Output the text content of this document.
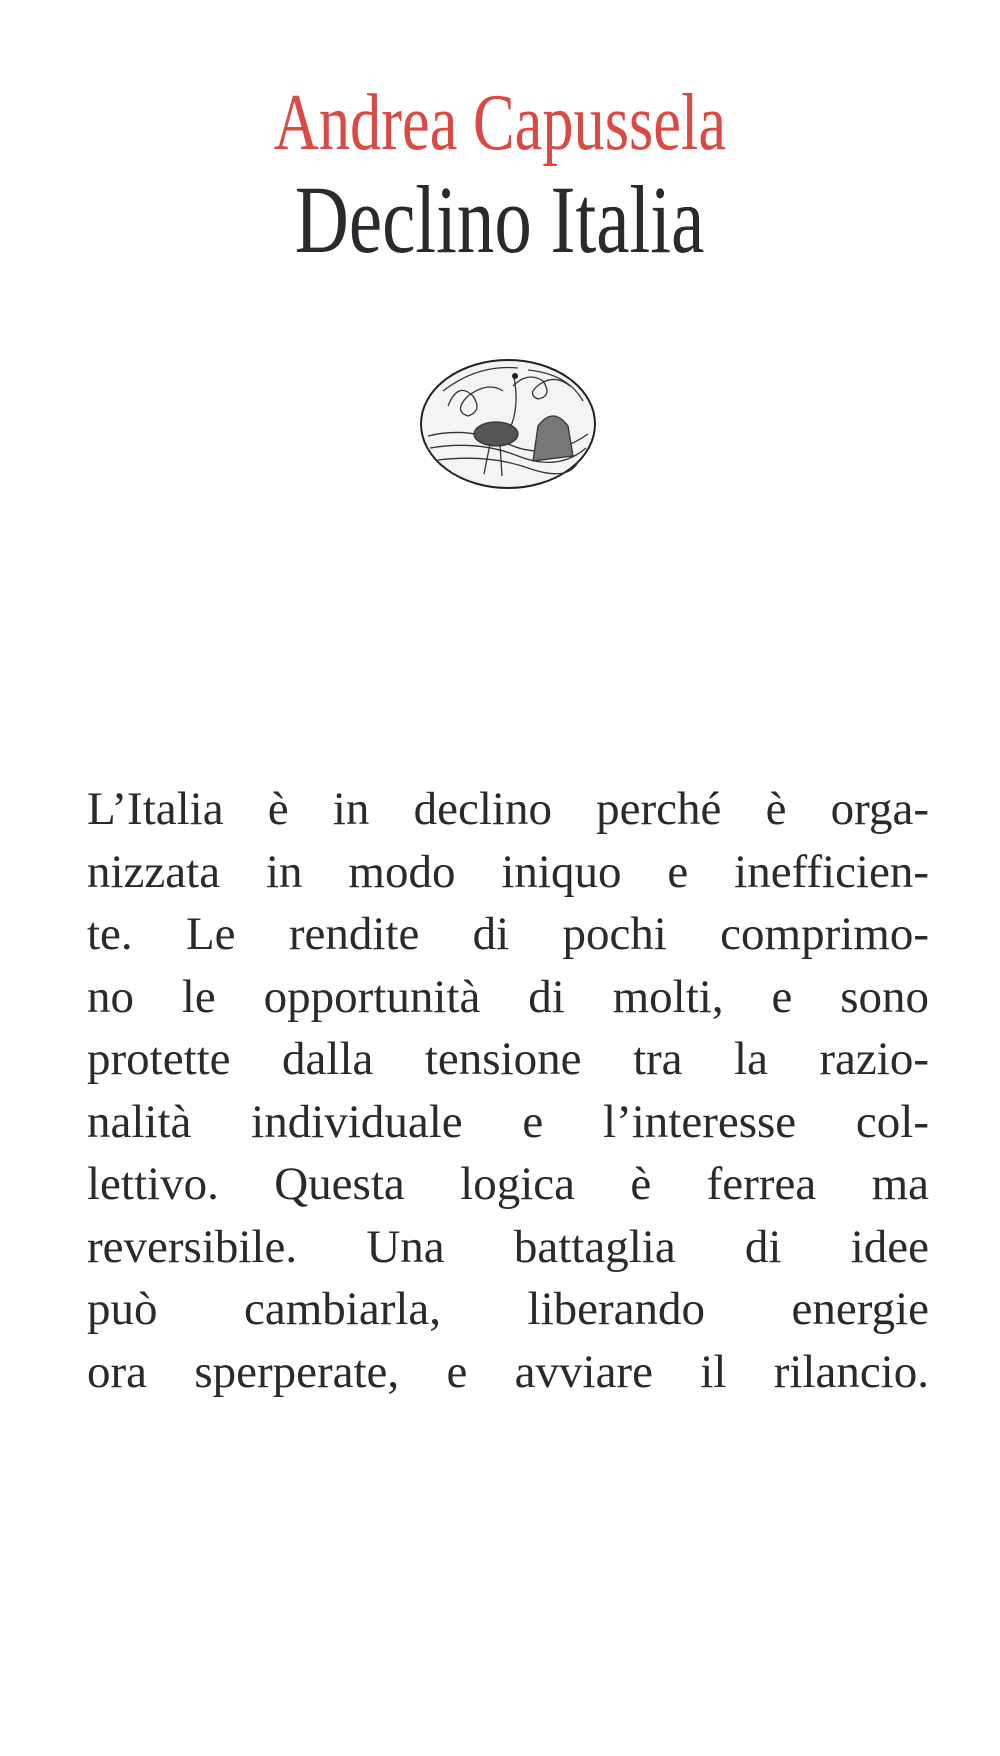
Andrea Capussela
Declino Italia
L’Italia è in declino perché è orga-
nizzata in modo iniquo e inefficien-
te. Le rendite di pochi comprimo-
no le opportunità di molti, e sono
protette dalla tensione tra la razio-
nalità individuale e l’interesse col-
lettivo. Questa logica è ferrea ma
reversibile. Una battaglia di idee
può cambiarla, liberando energie
ora sperperate, e avviare il rilancio.
